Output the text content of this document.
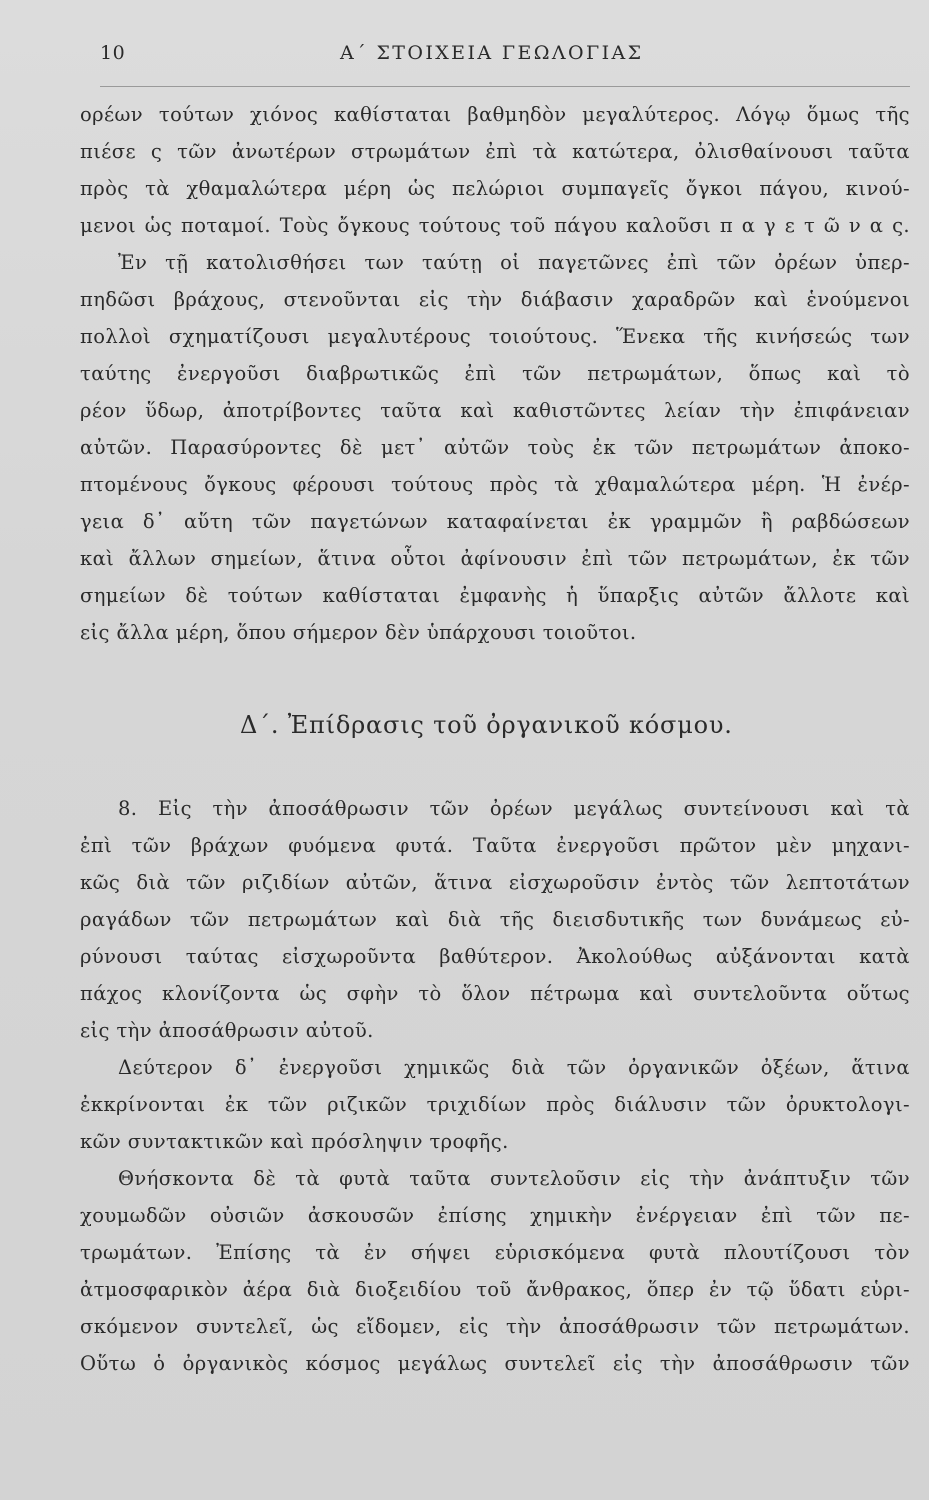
10	Α΄ ΣΤΟΙΧΕΙΑ ΓΕΩΛΟΓΙΑΣ
ορέων τούτων χιόνος καθίσταται βαθμηδὸν μεγαλύτερος. Λόγῳ ὅμως τῆς
πιέσε ς τῶν ἀνωτέρων στρωμάτων ἐπὶ τὰ κατώτερα, ὀλισθαίνουσι ταῦτα
πρὸς τὰ χθαμαλώτερα μέρη ὡς πελώριοι συμπαγεῖς ὄγκοι πάγου, κινού-
μενοι ὡς ποταμοί. Τοὺς ὄγκους τούτους τοῦ πάγου καλοῦσι π α γ ε τ ῶ ν α ς.
Ἐν τῇ κατολισθήσει των ταύτῃ οἱ παγετῶνες ἐπὶ τῶν ὀρέων ὑπερ-
πηδῶσι βράχους, στενοῦνται εἰς τὴν διάβασιν χαραδρῶν καὶ ἑνούμενοι
πολλοὶ σχηματίζουσι μεγαλυτέρους τοιούτους. Ἕνεκα τῆς κινήσεώς των
ταύτης ἐνεργοῦσι διαβρωτικῶς ἐπὶ τῶν πετρωμάτων, ὅπως καὶ τὸ
ρέον ὕδωρ, ἀποτρίβοντες ταῦτα καὶ καθιστῶντες λείαν τὴν ἐπιφάνειαν
αὐτῶν. Παρασύροντες δὲ μετ᾽ αὐτῶν τοὺς ἐκ τῶν πετρωμάτων ἀποκο-
πτομένους ὄγκους φέρουσι τούτους πρὸς τὰ χθαμαλώτερα μέρη. Ἡ ἐνέρ-
γεια δ᾽ αὕτη τῶν παγετώνων καταφαίνεται ἐκ γραμμῶν ἢ ραβδώσεων
καὶ ἄλλων σημείων, ἅτινα οὗτοι ἀφίνουσιν ἐπὶ τῶν πετρωμάτων, ἐκ τῶν
σημείων δὲ τούτων καθίσταται ἐμφανὴς ἡ ὕπαρξις αὐτῶν ἄλλοτε καὶ
εἰς ἄλλα μέρη, ὅπου σήμερον δὲν ὑπάρχουσι τοιοῦτοι.
Δ΄. Ἐπίδρασις τοῦ ὀργανικοῦ κόσμου.
8. Εἰς τὴν ἀποσάθρωσιν τῶν ὀρέων μεγάλως συντείνουσι καὶ τὰ
ἐπὶ τῶν βράχων φυόμενα φυτά. Ταῦτα ἐνεργοῦσι πρῶτον μὲν μηχανι-
κῶς διὰ τῶν ριζιδίων αὐτῶν, ἅτινα εἰσχωροῦσιν ἐντὸς τῶν λεπτοτάτων
ραγάδων τῶν πετρωμάτων καὶ διὰ τῆς διεισδυτικῆς των δυνάμεως εὐ-
ρύνουσι ταύτας εἰσχωροῦντα βαθύτερον. Ἀκολούθως αὐξάνονται κατὰ
πάχος κλονίζοντα ὡς σφὴν τὸ ὅλον πέτρωμα καὶ συντελοῦντα οὕτως
εἰς τὴν ἀποσάθρωσιν αὐτοῦ.
Δεύτερον δ᾽ ἐνεργοῦσι χημικῶς διὰ τῶν ὀργανικῶν ὀξέων, ἅτινα
ἐκκρίνονται ἐκ τῶν ριζικῶν τριχιδίων πρὸς διάλυσιν τῶν ὀρυκτολογι-
κῶν συντακτικῶν καὶ πρόσληψιν τροφῆς.
Θνήσκοντα δὲ τὰ φυτὰ ταῦτα συντελοῦσιν εἰς τὴν ἀνάπτυξιν τῶν
χουμωδῶν οὐσιῶν ἀσκουσῶν ἐπίσης χημικὴν ἐνέργειαν ἐπὶ τῶν πε-
τρωμάτων. Ἐπίσης τὰ ἐν σήψει εὑρισκόμενα φυτὰ πλουτίζουσι τὸν
ἀτμοσφαρικὸν ἀέρα διὰ διοξειδίου τοῦ ἄνθρακος, ὅπερ ἐν τῷ ὕδατι εὑρι-
σκόμενον συντελεῖ, ὡς εἴδομεν, εἰς τὴν ἀποσάθρωσιν τῶν πετρωμάτων.
Οὕτω ὁ ὀργανικὸς κόσμος μεγάλως συντελεῖ εἰς τὴν ἀποσάθρωσιν τῶν
